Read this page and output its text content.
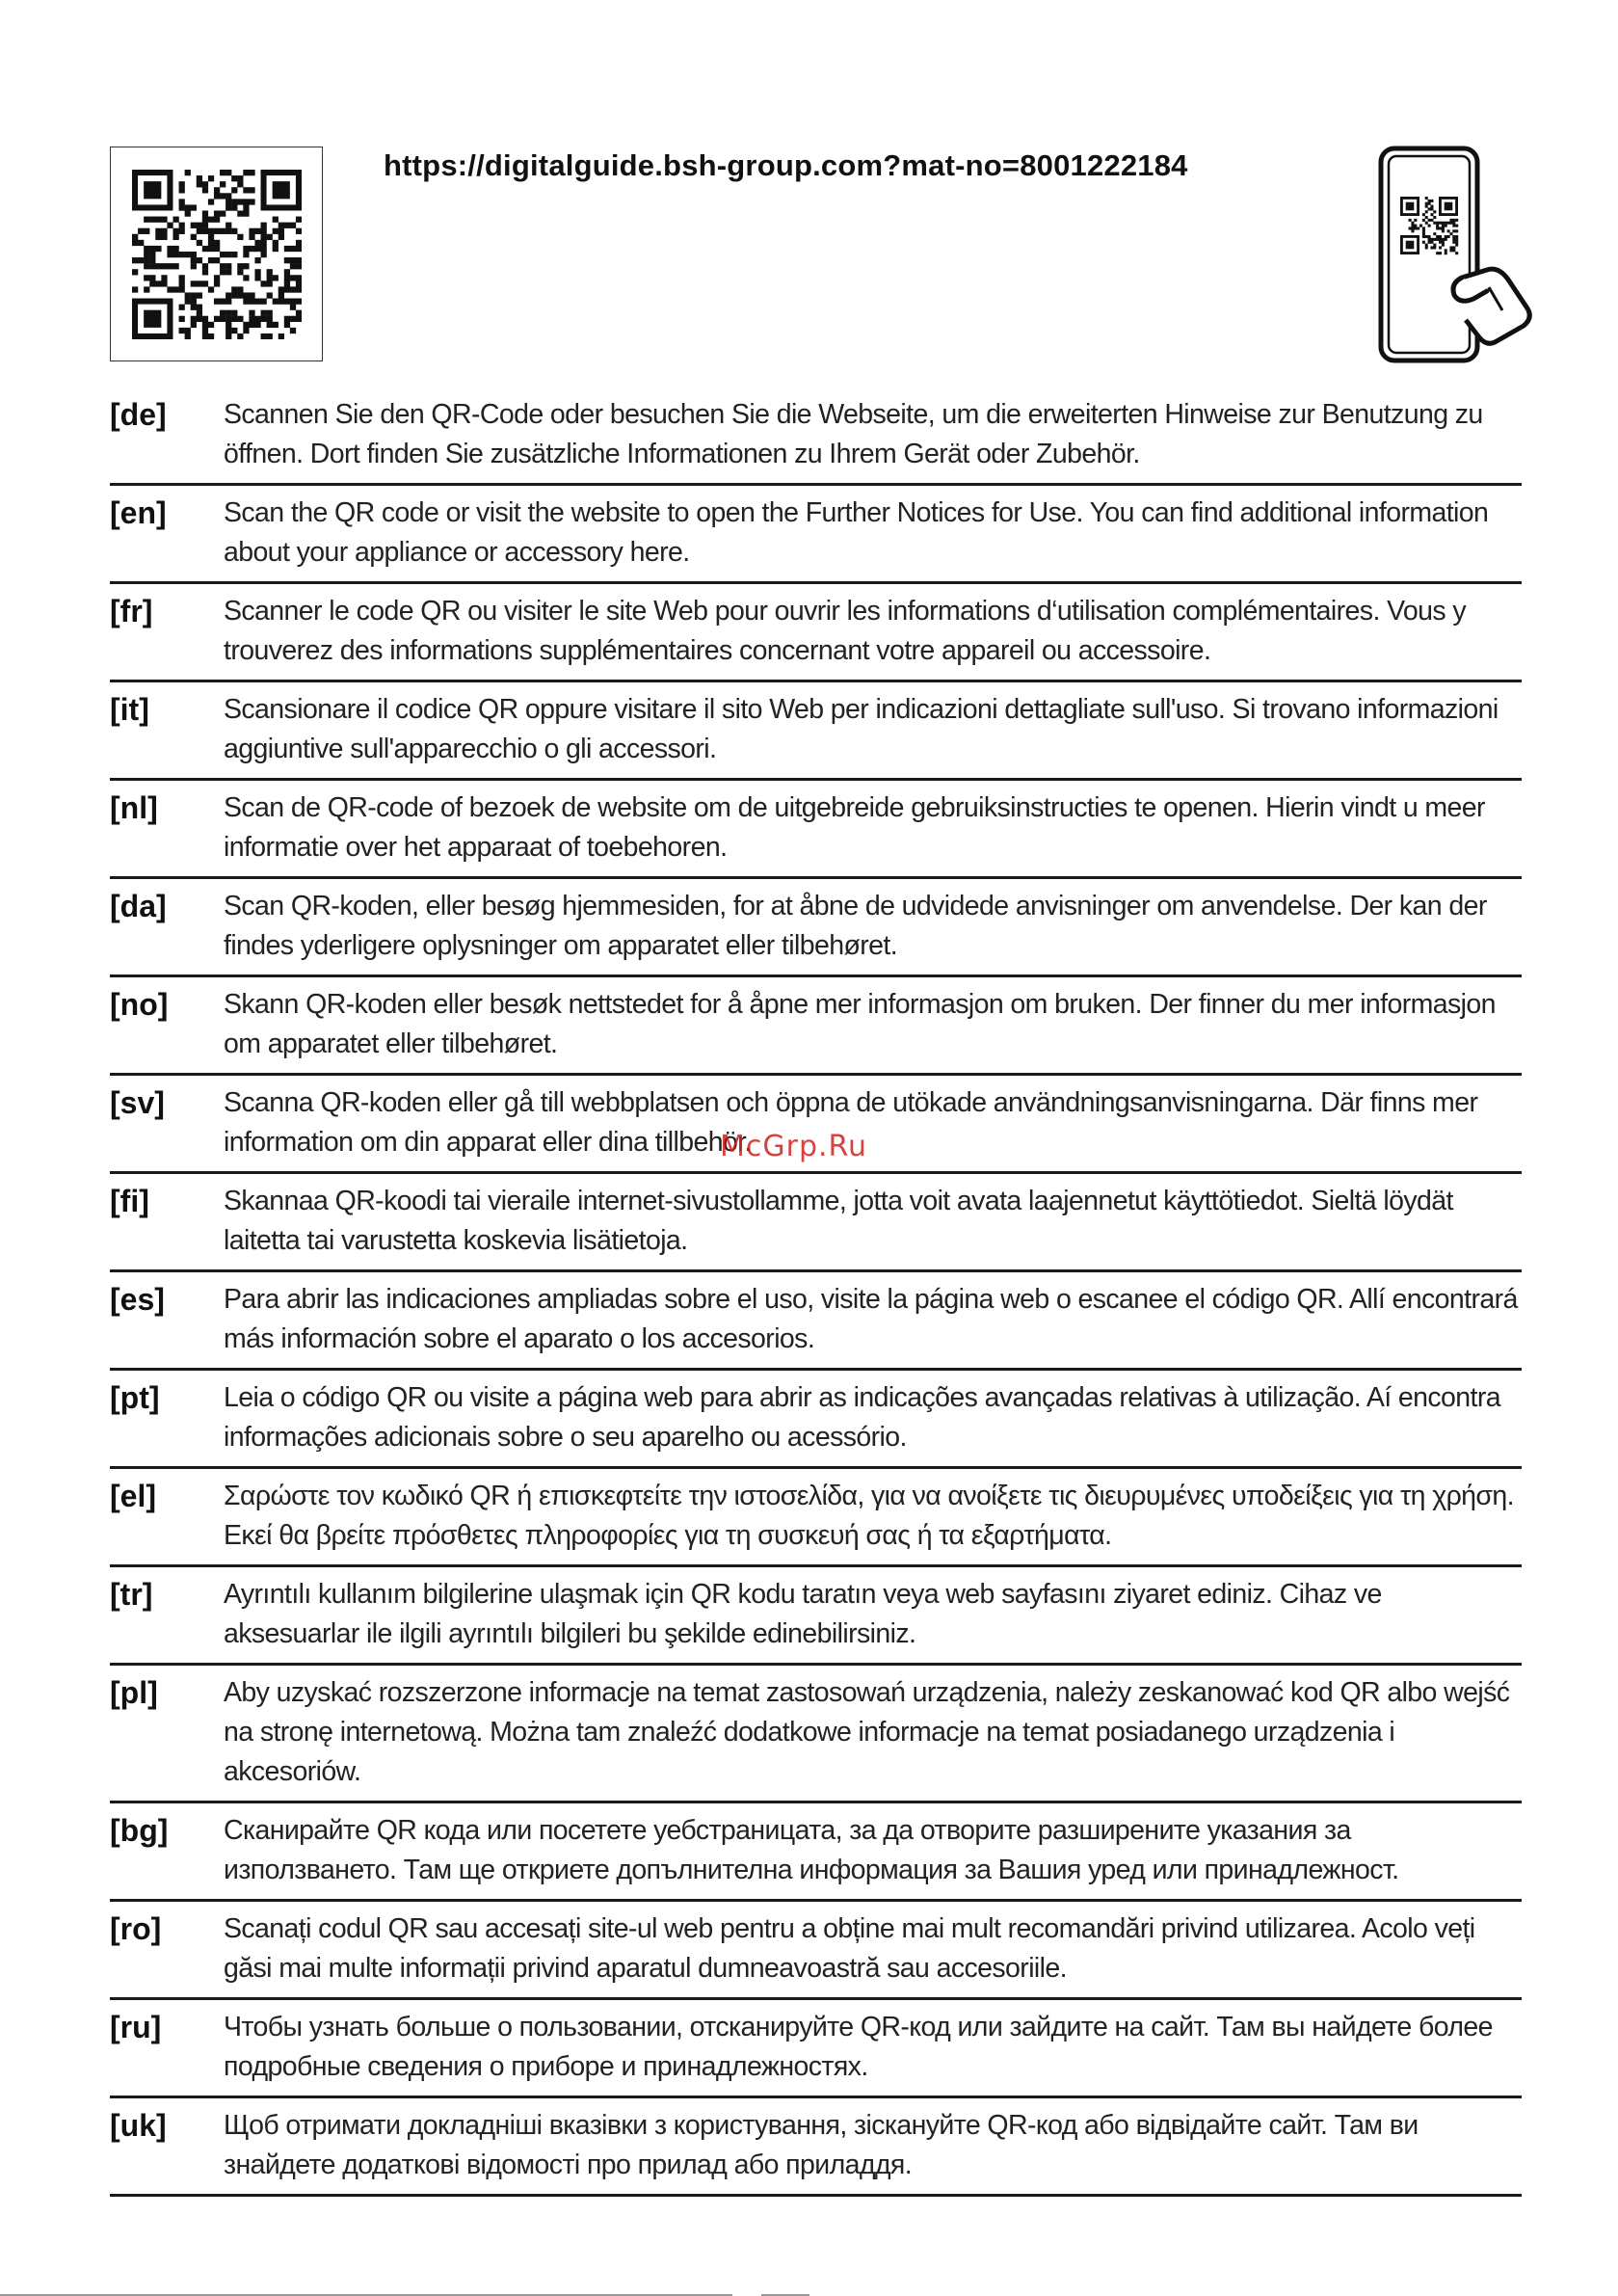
https://digitalguide.bsh-group.com?mat-no=8001222184
[de]	Scannen Sie den QR-Code oder besuchen Sie die Webseite, um die erweiterten Hinweise zur Benutzung zu öffnen. Dort finden Sie zusätzliche Informationen zu Ihrem Gerät oder Zubehör.
[en]	Scan the QR code or visit the website to open the Further Notices for Use. You can find additional information about your appliance or accessory here.
[fr]	Scanner le code QR ou visiter le site Web pour ouvrir les informations d‘utilisation complémentaires. Vous y trouverez des informations supplémentaires concernant votre appareil ou accessoire.
[it]	Scansionare il codice QR oppure visitare il sito Web per indicazioni dettagliate sull'uso. Si trovano informazioni aggiuntive sull'apparecchio o gli accessori.
[nl]	Scan de QR-code of bezoek de website om de uitgebreide gebruiksinstructies te openen. Hierin vindt u meer informatie over het apparaat of toebehoren.
[da]	Scan QR-koden, eller besøg hjemmesiden, for at åbne de udvidede anvisninger om anvendelse. Der kan der findes yderligere oplysninger om apparatet eller tilbehøret.
[no]	Skann QR-koden eller besøk nettstedet for å åpne mer informasjon om bruken. Der finner du mer informasjon om apparatet eller tilbehøret.
[sv]	Scanna QR-koden eller gå till webbplatsen och öppna de utökade användningsanvisningarna. Där finns mer information om din apparat eller dina tillbehör.
[fi]	Skannaa QR-koodi tai vieraile internet-sivustollamme, jotta voit avata laajennetut käyttötiedot. Sieltä löydät laitetta tai varustetta koskevia lisätietoja.
[es]	Para abrir las indicaciones ampliadas sobre el uso, visite la página web o escanee el código QR. Allí encontrará más información sobre el aparato o los accesorios.
[pt]	Leia o código QR ou visite a página web para abrir as indicações avançadas relativas à utilização. Aí encontra informações adicionais sobre o seu aparelho ou acessório.
[el]	Σαρώστε τον κωδικό QR ή επισκεφτείτε την ιστοσελίδα, για να ανοίξετε τις διευρυμένες υποδείξεις για τη χρήση. Εκεί θα βρείτε πρόσθετες πληροφορίες για τη συσκευή σας ή τα εξαρτήματα.
[tr]	Ayrıntılı kullanım bilgilerine ulaşmak için QR kodu taratın veya web sayfasını ziyaret ediniz. Cihaz ve aksesuarlar ile ilgili ayrıntılı bilgileri bu şekilde edinebilirsiniz.
[pl]	Aby uzyskać rozszerzone informacje na temat zastosowań urządzenia, należy zeskanować kod QR albo wejść na stronę internetową. Można tam znaleźć dodatkowe informacje na temat posiadanego urządzenia i akcesoriów.
[bg]	Сканирайте QR кода или посетете уебстраницата, за да отворите разширените указания за използването. Там ще откриете допълнителна информация за Вашия уред или принадлежност.
[ro]	Scanați codul QR sau accesați site-ul web pentru a obține mai mult recomandări privind utilizarea. Acolo veți găsi mai multe informații privind aparatul dumneavoastră sau accesoriile.
[ru]	Чтобы узнать больше о пользовании, отсканируйте QR-код или зайдите на сайт. Там вы найдете более подробные сведения о приборе и принадлежностях.
[uk]	Щоб отримати докладніші вказівки з користування, зіскануйте QR-код або відвідайте сайт. Там ви знайдете додаткові відомості про прилад або приладдя.
McGrp.Ru
